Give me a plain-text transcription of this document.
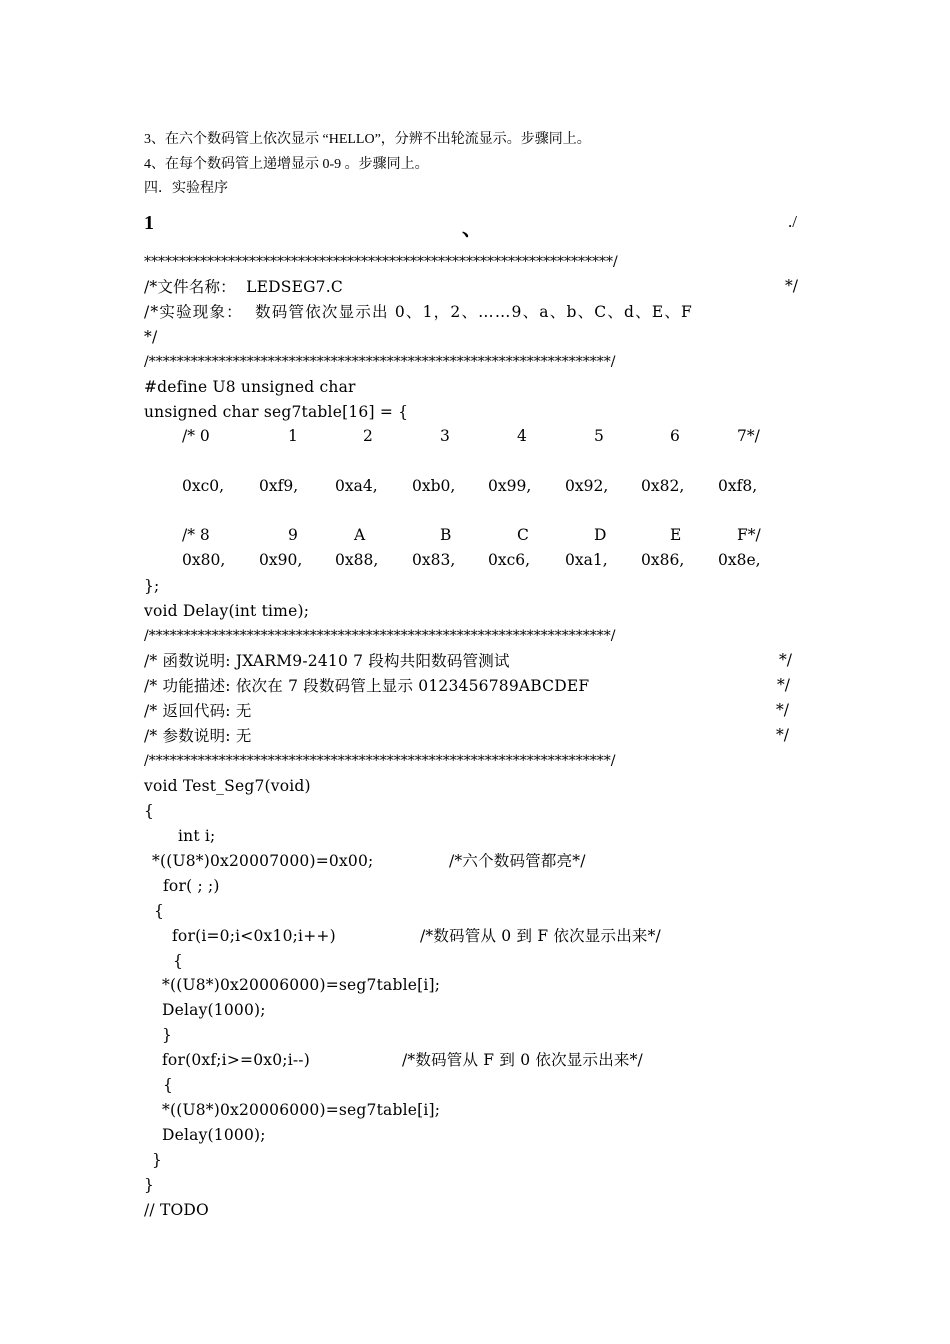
3、在六个数码管上依次显示 “HELLO”，分辨不出轮流显示。步骤同上。
4、在每个数码管上递增显示 0-9 。步骤同上。
四．实验程序
1	、	./
*******************************************************************/
/*文件名称：  LEDSEG7.C	*/
/*实验现象：  数码管依次显示出 0、1，2、……9、a、b、C、d、E、F
*/
/******************************************************************/
#define U8 unsigned char
unsigned char seg7table[16] = {
/* 0	1	2	3	4	5	6	7*/
0xc0, 0xf9, 0xa4, 0xb0, 0x99, 0x92, 0x82, 0xf8,
/* 8	9	A	B	C	D	E	F*/
0x80, 0x90, 0x88, 0x83, 0xc6, 0xa1, 0x86, 0x8e,
};
void Delay(int time);
/******************************************************************/
/* 函数说明: JXARM9-2410 7 段构共阳数码管测试	*/
/* 功能描述: 依次在 7 段数码管上显示 0123456789ABCDEF	*/
/* 返回代码: 无	*/
/* 参数说明: 无	*/
/******************************************************************/
void Test_Seg7(void)
{
int i;
*((U8*)0x20007000)=0x00;	/*六个数码管都亮*/
for( ; ;)
{
for(i=0;i<0x10;i++)	/*数码管从 0 到 F 依次显示出来*/
{
*((U8*)0x20006000)=seg7table[i];
Delay(1000);
}
for(0xf;i>=0x0;i--)	/*数码管从 F 到 0 依次显示出来*/
{
*((U8*)0x20006000)=seg7table[i];
Delay(1000);
}
}
// TODO
